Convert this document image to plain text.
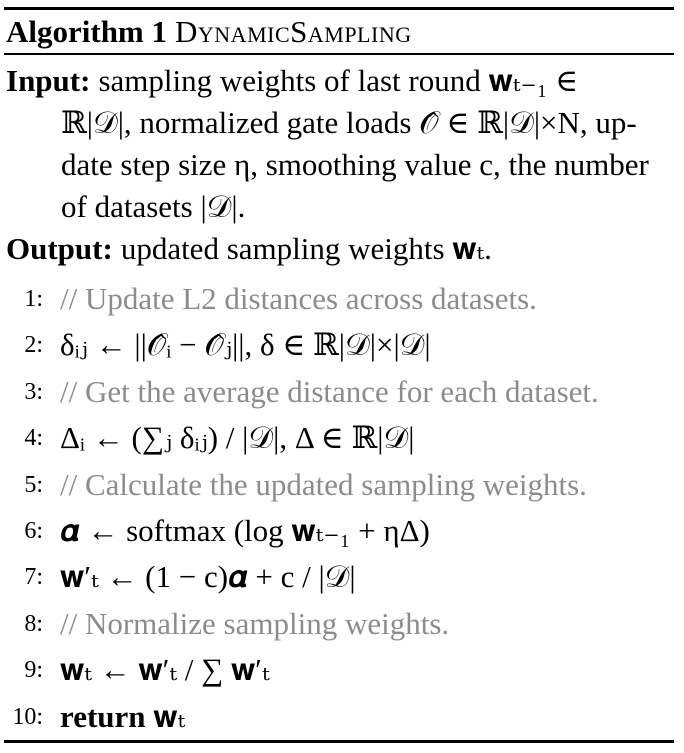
Algorithm 1 DynamicSampling
Input: sampling weights of last round 𝐰ₜ₋₁ ∈
ℝ|𝒟|, normalized gate loads 𝒪̂ ∈ ℝ|𝒟|×N, up-
date step size η, smoothing value c, the number
of datasets |𝒟|.
Output: updated sampling weights 𝐰ₜ.
1: // Update L2 distances across datasets.
2: δᵢⱼ ← ||𝒪̂ᵢ − 𝒪̂ⱼ||, δ ∈ ℝ|𝒟|×|𝒟|
3: // Get the average distance for each dataset.
4: Δᵢ ← (∑ⱼ δᵢⱼ) / |𝒟|, Δ ∈ ℝ|𝒟|
5: // Calculate the updated sampling weights.
6: 𝜶 ← softmax (log 𝐰ₜ₋₁ + ηΔ)
7: 𝐰′ₜ ← (1 − c)𝜶 + c / |𝒟|
8: // Normalize sampling weights.
9: 𝐰ₜ ← 𝐰′ₜ / ∑ 𝐰′ₜ
10: return 𝐰ₜ
